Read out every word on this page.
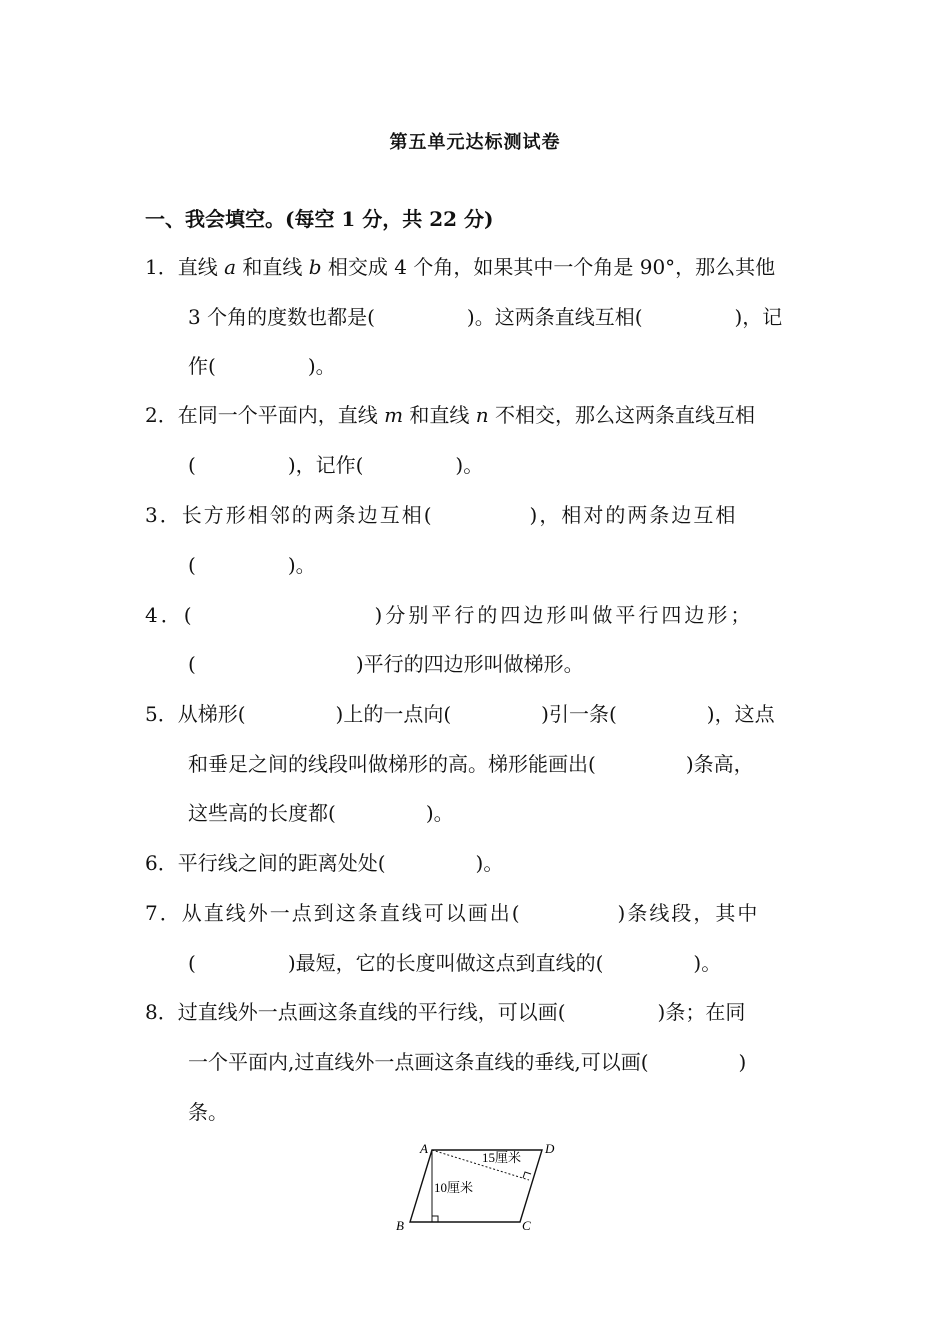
第五单元达标测试卷
一、我会填空。(每空 1 分，共 22 分)
1．直线 a 和直线 b 相交成 4 个角，如果其中一个角是 90°，那么其他
3 个角的度数也都是(	)。这两条直线互相(	)，记
作(	)。
2．在同一个平面内，直线 m 和直线 n 不相交，那么这两条直线互相
(	)，记作(	)。
3．长方形相邻的两条边互相(	)，相对的两条边互相
(	)。
4．(	)分别平行的四边形叫做平行四边形；
(	)平行的四边形叫做梯形。
5．从梯形(	)上的一点向(	)引一条(	)，这点
和垂足之间的线段叫做梯形的高。梯形能画出(	)条高，
这些高的长度都(	)。
6．平行线之间的距离处处(	)。
7．从直线外一点到这条直线可以画出(	)条线段，其中
(	)最短，它的长度叫做这点到直线的(	)。
8．过直线外一点画这条直线的平行线，可以画(	)条；在同
一个平面内,过直线外一点画这条直线的垂线,可以画(	)
条。
A	D
B	C
15厘米
10厘米
